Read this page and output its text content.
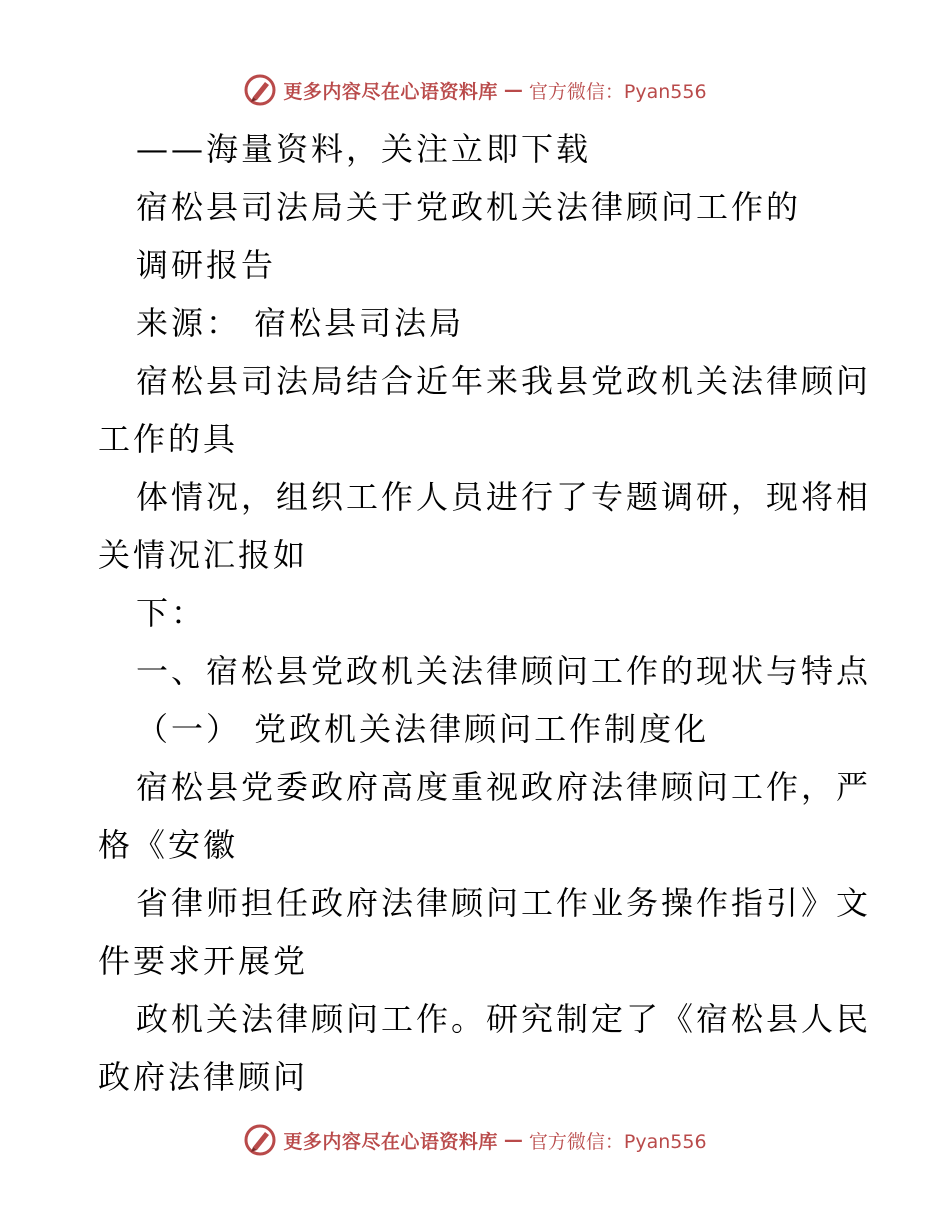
更多内容尽在心语资料库 — 官方微信：Pyan556
——海量资料，关注立即下载
宿松县司法局关于党政机关法律顾问工作的
调研报告
来源： 宿松县司法局
宿松县司法局结合近年来我县党政机关法律顾问
工作的具
体情况，组织工作人员进行了专题调研，现将相
关情况汇报如
下：
一、宿松县党政机关法律顾问工作的现状与特点
（一） 党政机关法律顾问工作制度化
宿松县党委政府高度重视政府法律顾问工作，严
格《安徽
省律师担任政府法律顾问工作业务操作指引》文
件要求开展党
政机关法律顾问工作。研究制定了《宿松县人民
政府法律顾问
更多内容尽在心语资料库 — 官方微信：Pyan556
